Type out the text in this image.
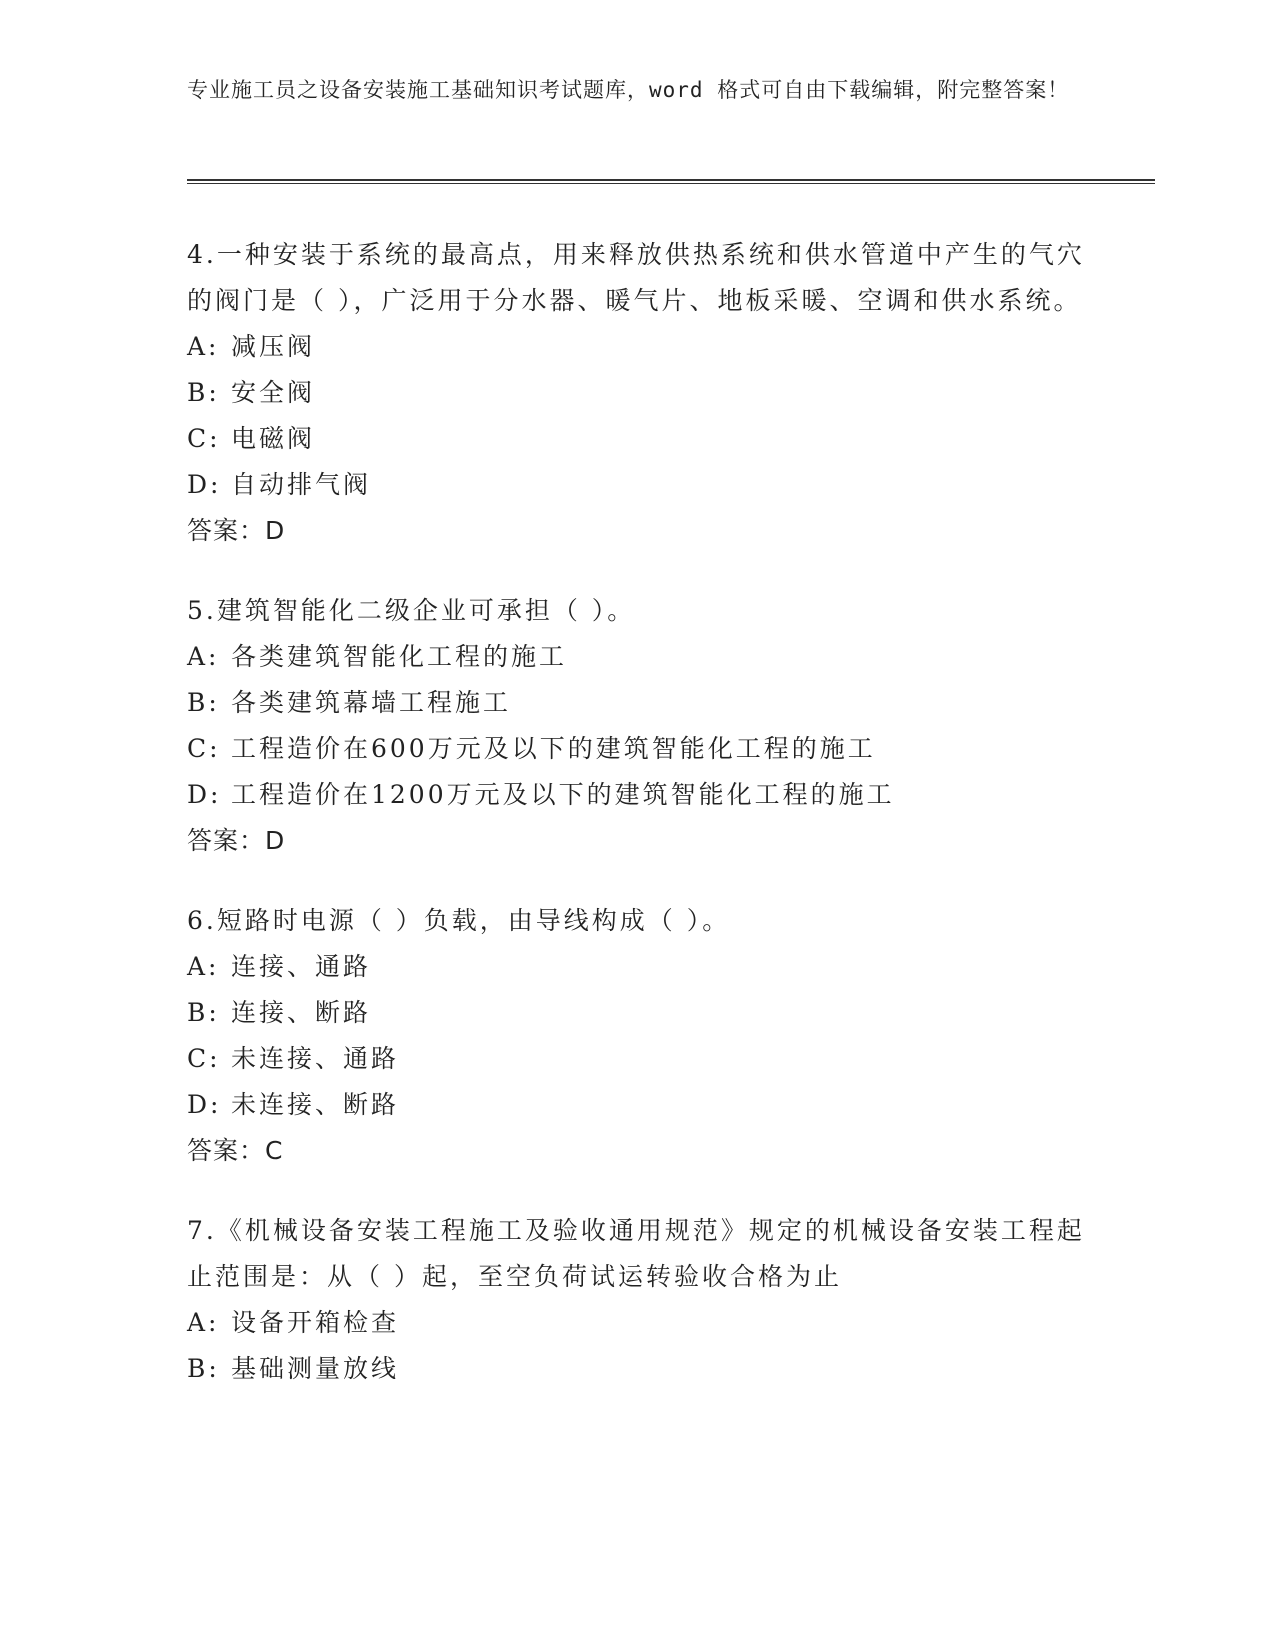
专业施工员之设备安装施工基础知识考试题库，word 格式可自由下载编辑，附完整答案！

4.一种安装于系统的最高点，用来释放供热系统和供水管道中产生的气穴的阀门是（ ），广泛用于分水器、暖气片、地板采暖、空调和供水系统。

A: 减压阀
B: 安全阀
C: 电磁阀
D: 自动排气阀
答案：D

5.建筑智能化二级企业可承担（ ）。

A: 各类建筑智能化工程的施工
B: 各类建筑幕墙工程施工
C: 工程造价在600万元及以下的建筑智能化工程的施工
D: 工程造价在1200万元及以下的建筑智能化工程的施工
答案：D

6.短路时电源（ ）负载，由导线构成（ ）。

A: 连接、通路
B: 连接、断路
C: 未连接、通路
D: 未连接、断路
答案：C

7.《机械设备安装工程施工及验收通用规范》规定的机械设备安装工程起止范围是：从（ ）起，至空负荷试运转验收合格为止

A: 设备开箱检查
B: 基础测量放线
